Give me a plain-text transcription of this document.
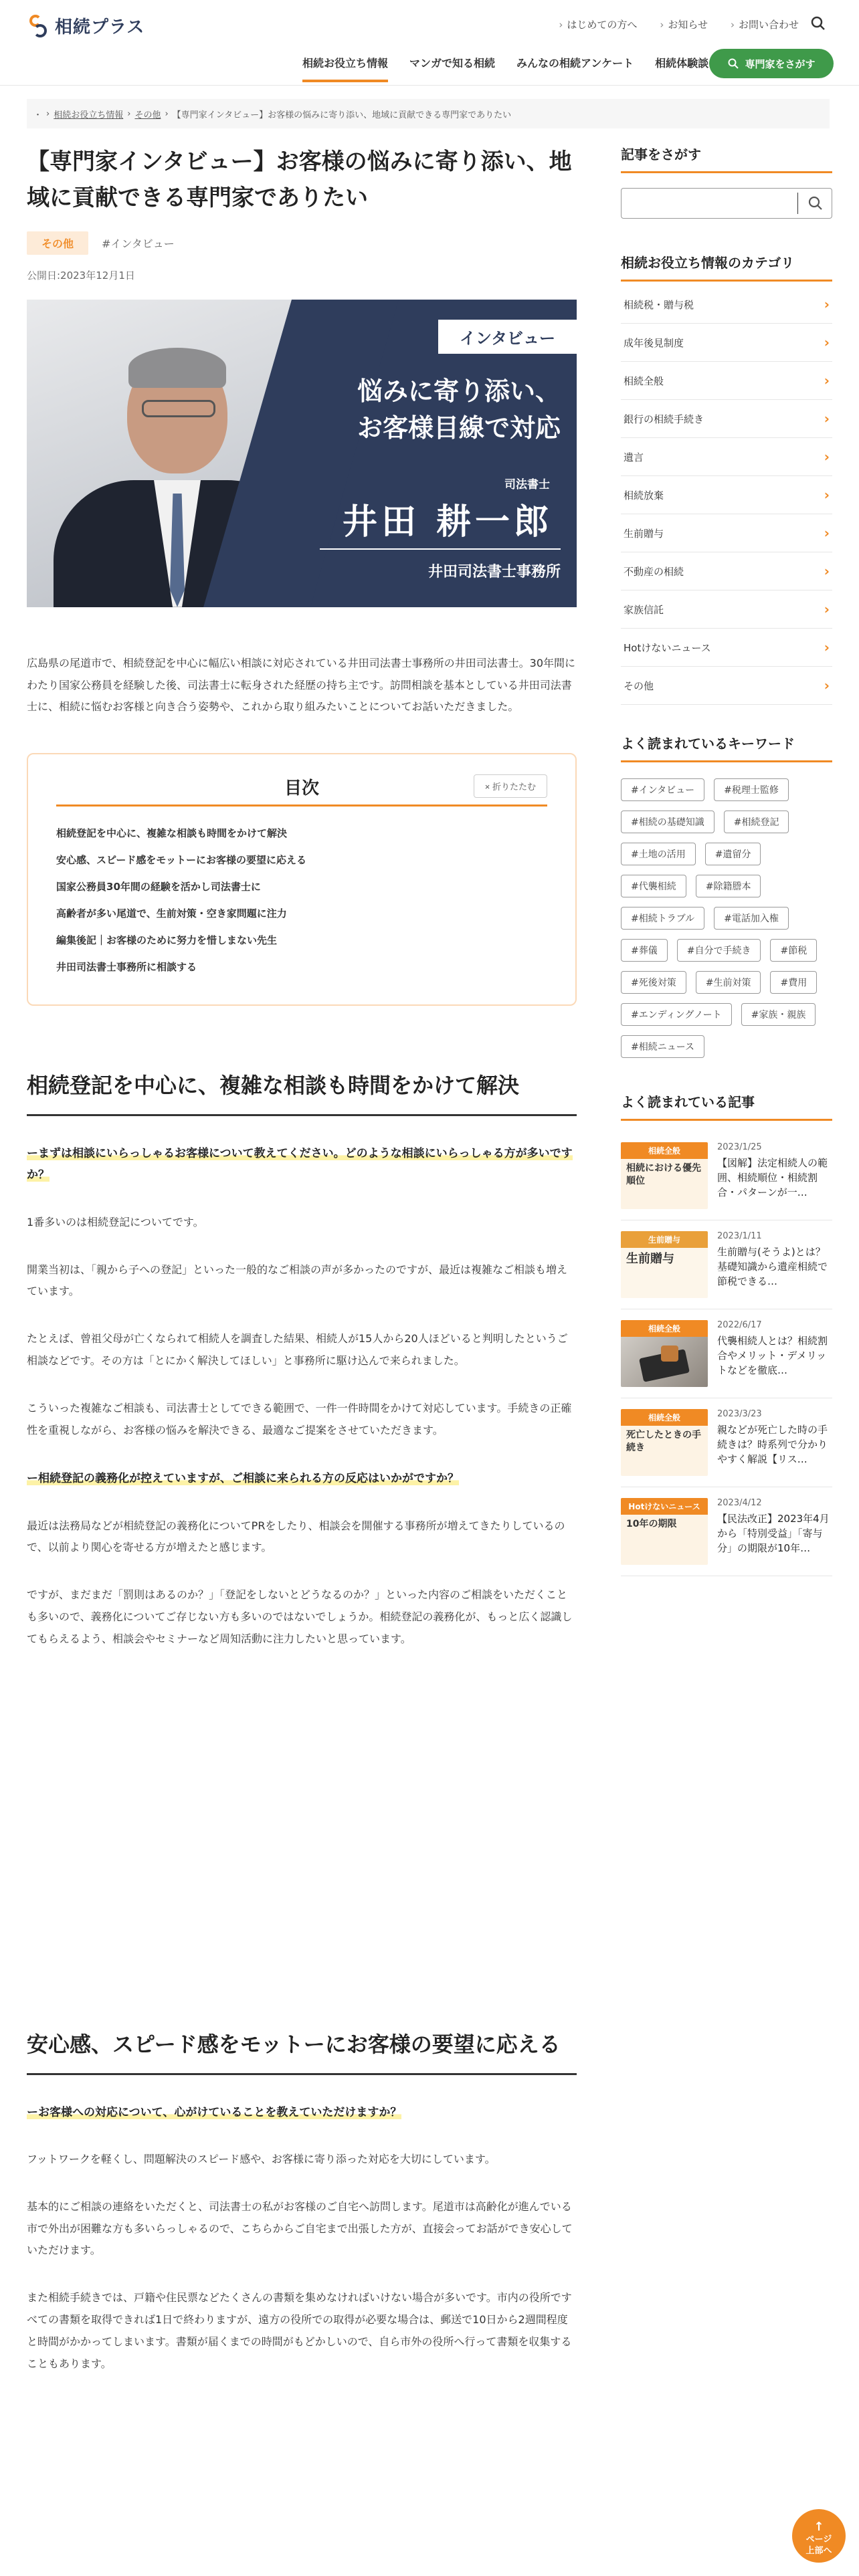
相続プラス	› はじめての方へ › お知らせ › お問い合わせ
相続お役立ち情報	マンガで知る相続	みんなの相続アンケート	相続体験談	専門家をさがす
・ › 相続お役立ち情報 › その他 › 【専門家インタビュー】お客様の悩みに寄り添い、地域に貢献できる専門家でありたい
【専門家インタビュー】お客様の悩みに寄り添い、地域に貢献できる専門家でありたい
その他	#インタビュー
公開日:2023年12月1日
インタビュー
悩みに寄り添い、
お客様目線で対応
司法書士
井田 耕一郎
井田司法書士事務所

広島県の尾道市で、相続登記を中心に幅広い相談に対応されている井田司法書士事務所の井田司法書士。30年間にわたり国家公務員を経験した後、司法書士に転身された経歴の持ち主です。訪問相談を基本としている井田司法書士に、相続に悩むお客様と向き合う姿勢や、これから取り組みたいことについてお話いただきました。

目次	× 折りたたむ
相続登記を中心に、複雑な相談も時間をかけて解決
安心感、スピード感をモットーにお客様の要望に応える
国家公務員30年間の経験を活かし司法書士に
高齢者が多い尾道で、生前対策・空き家問題に注力
編集後記｜お客様のために努力を惜しまない先生
井田司法書士事務所に相談する
相続登記を中心に、複雑な相談も時間をかけて解決

ーまずは相談にいらっしゃるお客様について教えてください。どのような相談にいらっしゃる方が多いですか？

1番多いのは相続登記についてです。

開業当初は、「親から子への登記」といった一般的なご相談の声が多かったのですが、最近は複雑なご相談も増えています。

たとえば、曾祖父母が亡くなられて相続人を調査した結果、相続人が15人から20人ほどいると判明したというご相談などです。その方は「とにかく解決してほしい」と事務所に駆け込んで来られました。

こういった複雑なご相談も、司法書士としてできる範囲で、一件一件時間をかけて対応しています。手続きの正確性を重視しながら、お客様の悩みを解決できる、最適なご提案をさせていただきます。

ー相続登記の義務化が控えていますが、ご相談に来られる方の反応はいかがですか？

最近は法務局などが相続登記の義務化についてPRをしたり、相談会を開催する事務所が増えてきたりしているので、以前より関心を寄せる方が増えたと感じます。

ですが、まだまだ「罰則はあるのか？」「登記をしないとどうなるのか？」といった内容のご相談をいただくことも多いので、義務化についてご存じない方も多いのではないでしょうか。相続登記の義務化が、もっと広く認識してもらえるよう、相談会やセミナーなど周知活動に注力したいと思っています。

安心感、スピード感をモットーにお客様の要望に応える

ーお客様への対応について、心がけていることを教えていただけますか？

フットワークを軽くし、問題解決のスピード感や、お客様に寄り添った対応を大切にしています。

基本的にご相談の連絡をいただくと、司法書士の私がお客様のご自宅へ訪問します。尾道市は高齢化が進んでいる市で外出が困難な方も多いらっしゃるので、こちらからご自宅まで出張した方が、直接会ってお話ができ安心していただけます。

また相続手続きでは、戸籍や住民票などたくさんの書類を集めなければいけない場合が多いです。市内の役所ですべての書類を取得できれば1日で終わりますが、遠方の役所での取得が必要な場合は、郵送で10日から2週間程度と時間がかかってしまいます。書類が届くまでの時間がもどかしいので、自ら市外の役所へ行って書類を収集することもあります。

記事をさがす
相続お役立ち情報のカテゴリ
相続税・贈与税	›
成年後見制度	›
相続全般	›
銀行の相続手続き	›
遺言	›
相続放棄	›
生前贈与	›
不動産の相続	›
家族信託	›
Hotけないニュース	›
その他	›
よく読まれているキーワード
#インタビュー	#税理士監修
#相続の基礎知識	#相続登記
#土地の活用	#遺留分
#代襲相続	#除籍謄本
#相続トラブル	#電話加入権
#葬儀	#自分で手続き	#節税
#死後対策	#生前対策	#費用
#エンディングノート	#家族・親族
#相続ニュース
よく読まれている記事
相続全般
相続における優先順位
2023/1/25
【図解】法定相続人の範囲、相続順位・相続割合・パターンが一…
生前贈与
生前贈与
2023/1/11
生前贈与(そうよ)とは？基礎知識から遺産相続で節税できる…
相続全般	2022/6/17
代襲相続人とは？相続割合やメリット・デメリットなどを徹底…
相続全般
死亡したときの手続き
2023/3/23
親などが死亡した時の手続きは？時系列で分かりやすく解説【リス…
Hotけないニュース
10年の期限
2023/4/12
【民法改正】2023年4月から「特別受益」「寄与分」の期限が10年…
↑
ページ
上部へ
